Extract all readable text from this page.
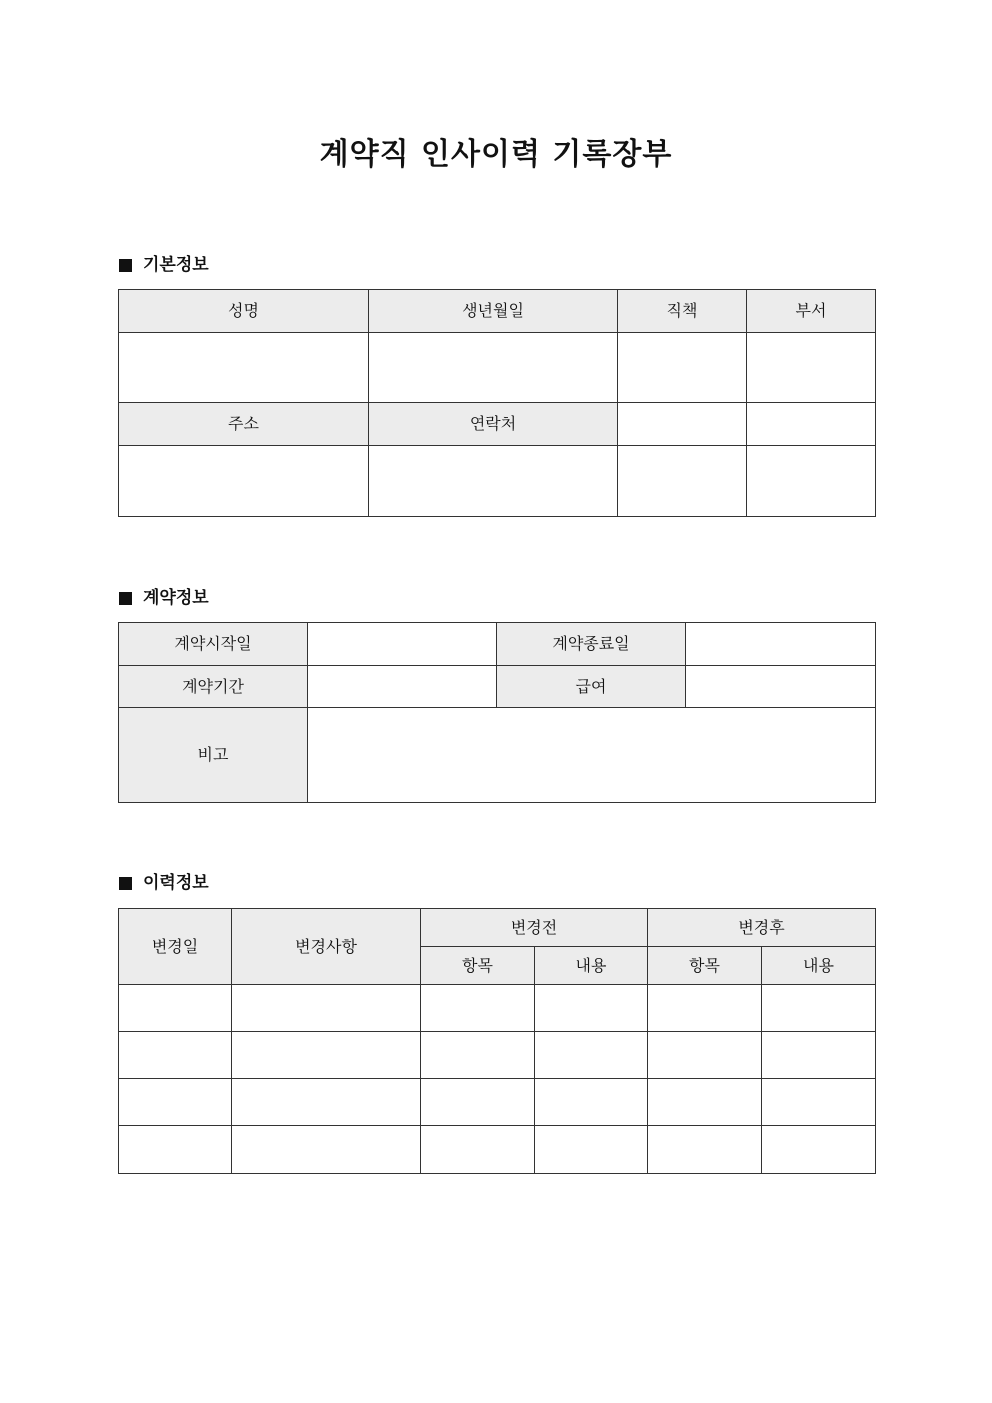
계약직 인사이력 기록장부
기본정보
성명	생년월일	직책	부서

주소	연락처		

계약정보
계약시작일		계약종료일	
계약기간		급여	
비고			
이력정보
변경일	변경사항	변경전		변경후	
		항목	내용	항목	내용
